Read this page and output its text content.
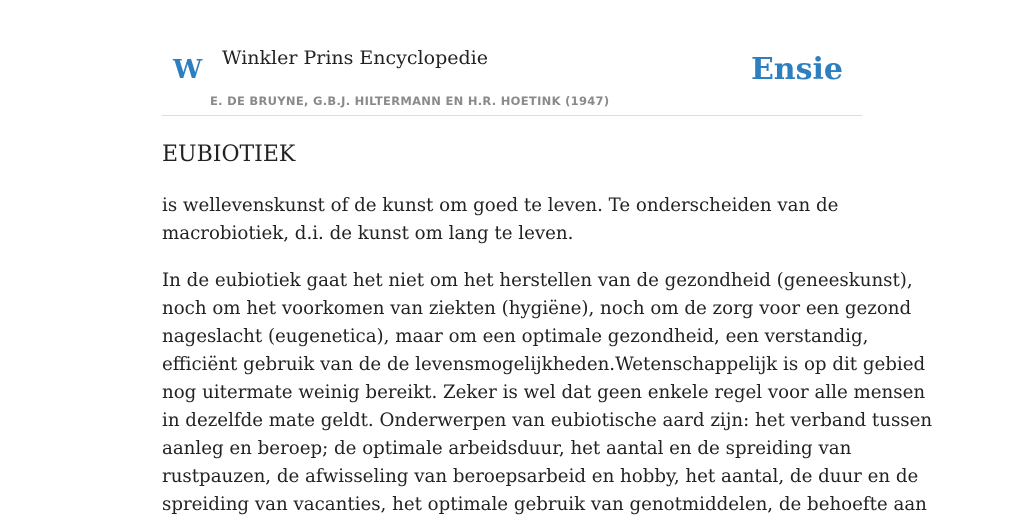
W Winkler Prins Encyclopedie
E. DE BRUYNE, G.B.J. HILTERMANN EN H.R. HOETINK (1947)
Ensie
EUBIOTIEK

is wellevenskunst of de kunst om goed te leven. Te onderscheiden van de
macrobiotiek, d.i. de kunst om lang te leven.

In de eubiotiek gaat het niet om het herstellen van de gezondheid (geneeskunst),
noch om het voorkomen van ziekten (hygiëne), noch om de zorg voor een gezond
nageslacht (eugenetica), maar om een optimale gezondheid, een verstandig,
efficiënt gebruik van de de levensmogelijkheden.Wetenschappelijk is op dit gebied
nog uitermate weinig bereikt. Zeker is wel dat geen enkele regel voor alle mensen
in dezelfde mate geldt. Onderwerpen van eubiotische aard zijn: het verband tussen
aanleg en beroep; de optimale arbeidsduur, het aantal en de spreiding van
rustpauzen, de afwisseling van beroepsarbeid en hobby, het aantal, de duur en de
spreiding van vacanties, het optimale gebruik van genotmiddelen, de behoefte aan
